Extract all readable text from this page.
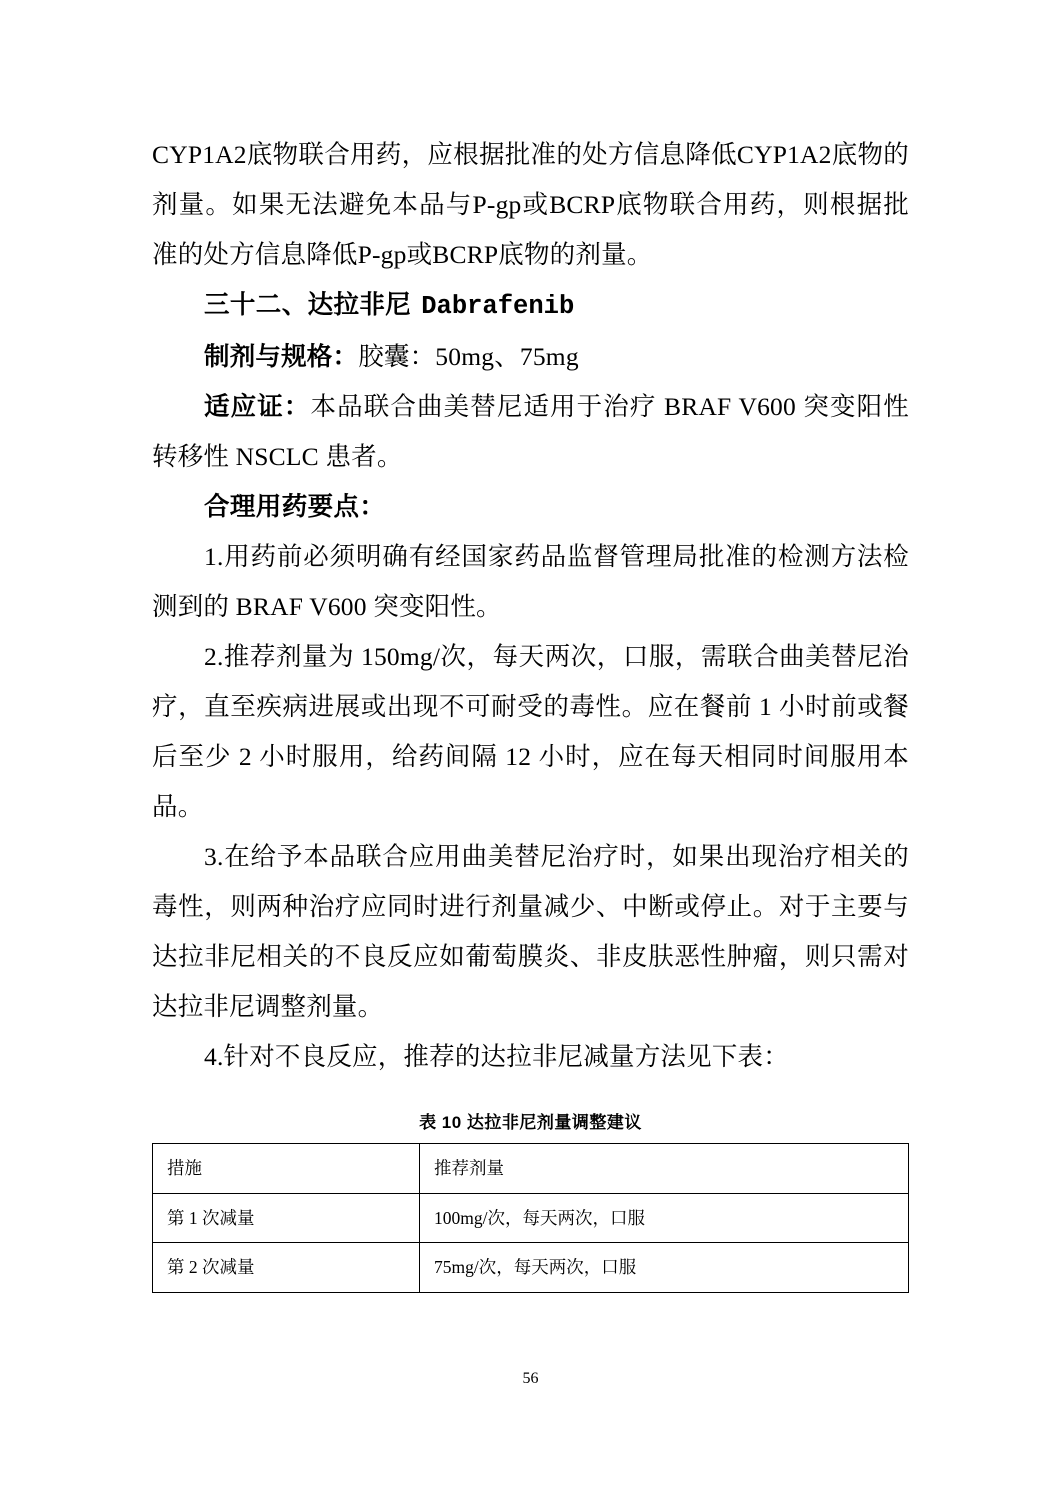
CYP1A2底物联合用药，应根据批准的处方信息降低CYP1A2底物的剂量。如果无法避免本品与P-gp或BCRP底物联合用药，则根据批准的处方信息降低P-gp或BCRP底物的剂量。

三十二、达拉非尼 Dabrafenib

制剂与规格：胶囊：50mg、75mg

适应证：本品联合曲美替尼适用于治疗 BRAF V600 突变阳性转移性 NSCLC 患者。

合理用药要点：

1.用药前必须明确有经国家药品监督管理局批准的检测方法检测到的 BRAF V600 突变阳性。

2.推荐剂量为 150mg/次，每天两次，口服，需联合曲美替尼治疗，直至疾病进展或出现不可耐受的毒性。应在餐前 1 小时前或餐后至少 2 小时服用，给药间隔 12 小时，应在每天相同时间服用本品。

3.在给予本品联合应用曲美替尼治疗时，如果出现治疗相关的毒性，则两种治疗应同时进行剂量减少、中断或停止。对于主要与达拉非尼相关的不良反应如葡萄膜炎、非皮肤恶性肿瘤，则只需对达拉非尼调整剂量。

4.针对不良反应，推荐的达拉非尼减量方法见下表：

表 10 达拉非尼剂量调整建议
措施	推荐剂量
第 1 次减量	100mg/次，每天两次，口服
第 2 次减量	75mg/次，每天两次，口服
56
